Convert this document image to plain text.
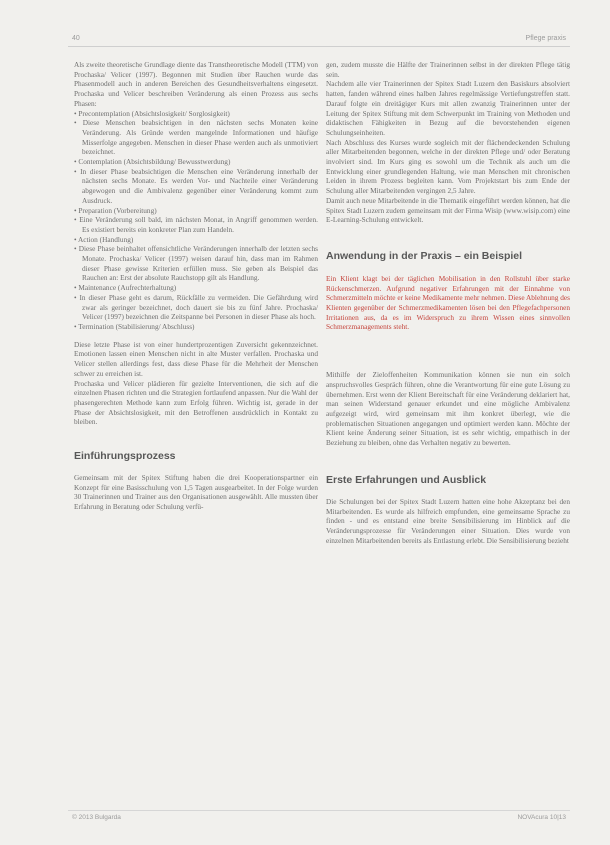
40	Pflege praxis

Als zweite theoretische Grundlage diente das Transtheoretische Modell (TTM) von Prochaska/ Velicer (1997). Begonnen mit Studien über Rauchen wurde das Phasenmodell auch in anderen Bereichen des Gesundheitsverhaltens eingesetzt. Prochaska und Velicer beschreiben Veränderung als einen Prozess aus sechs Phasen:

• Precontemplation (Absichtslosigkeit/ Sorglosigkeit)
• Diese Menschen beabsichtigen in den nächsten sechs Monaten keine Veränderung. Als Gründe werden mangelnde Informationen und häufige Misserfolge angegeben. Menschen in dieser Phase werden auch als unmotiviert bezeichnet.
• Contemplation (Absichtsbildung/ Bewusstwerdung)
• In dieser Phase beabsichtigen die Menschen eine Veränderung innerhalb der nächsten sechs Monate. Es werden Vor- und Nachteile einer Veränderung abgewogen und die Ambivalenz gegenüber einer Veränderung kommt zum Ausdruck.
• Preparation (Vorbereitung)
• Eine Veränderung soll bald, im nächsten Monat, in Angriff genommen werden. Es existiert bereits ein konkreter Plan zum Handeln.
• Action (Handlung)
• Diese Phase beinhaltet offensichtliche Veränderungen innerhalb der letzten sechs Monate. Prochaska/ Velicer (1997) weisen darauf hin, dass man im Rahmen dieser Phase gewisse Kriterien erfüllen muss. Sie geben als Beispiel das Rauchen an: Erst der absolute Rauchstopp gilt als Handlung.
• Maintenance (Aufrechterhaltung)
• In dieser Phase geht es darum, Rückfälle zu vermeiden. Die Gefährdung wird zwar als geringer bezeichnet, doch dauert sie bis zu fünf Jahre. Prochaska/ Velicer (1997) bezeichnen die Zeitspanne bei Personen in dieser Phase als hoch.
• Termination (Stabilisierung/ Abschluss)

Diese letzte Phase ist von einer hundertprozentigen Zuversicht gekennzeichnet. Emotionen lassen einen Menschen nicht in alte Muster verfallen. Prochaska und Velicer stellen allerdings fest, dass diese Phase für die Mehrheit der Menschen schwer zu erreichen ist.

Prochaska und Velicer plädieren für gezielte Interventionen, die sich auf die einzelnen Phasen richten und die Strategien fortlaufend anpassen. Nur die Wahl der phasengerechten Methode kann zum Erfolg führen. Wichtig ist, gerade in der Phase der Absichtslosigkeit, mit den Betroffenen ausdrücklich in Kontakt zu bleiben.

Einführungsprozess

Gemeinsam mit der Spitex Stiftung haben die drei Kooperationspartner ein Konzept für eine Basisschulung von 1,5 Tagen ausgearbeitet. In der Folge wurden 30 Trainerinnen und Trainer aus den Organisationen ausgewählt. Alle mussten über Erfahrung in Beratung oder Schulung verfü-

gen, zudem musste die Hälfte der Trainerinnen selbst in der direkten Pflege tätig sein.

Nachdem alle vier Trainerinnen der Spitex Stadt Luzern den Basiskurs absolviert hatten, fanden während eines halben Jahres regelmässige Vertiefungstreffen statt. Darauf folgte ein dreitägiger Kurs mit allen zwanzig Trainerinnen unter der Leitung der Spitex Stiftung mit dem Schwerpunkt im Training von Methoden und didaktischen Fähigkeiten in Bezug auf die bevorstehenden eigenen Schulungseinheiten.

Nach Abschluss des Kurses wurde sogleich mit der flächendeckenden Schulung aller Mitarbeitenden begonnen, welche in der direkten Pflege und/ oder Beratung involviert sind. Im Kurs ging es sowohl um die Technik als auch um die Entwicklung einer grundlegenden Haltung, wie man Menschen mit chronischen Leiden in ihrem Prozess begleiten kann. Vom Projektstart bis zum Ende der Schulung aller Mitarbeitenden vergingen 2,5 Jahre.

Damit auch neue Mitarbeitende in die Thematik eingeführt werden können, hat die Spitex Stadt Luzern zudem gemeinsam mit der Firma Wisip (www.wisip.com) eine E-Learning-Schulung entwickelt.

Anwendung in der Praxis – ein Beispiel

Ein Klient klagt bei der täglichen Mobilisation in den Rollstuhl über starke Rückenschmerzen. Aufgrund negativer Erfahrungen mit der Einnahme von Schmerzmitteln möchte er keine Medikamente mehr nehmen. Diese Ablehnung des Klienten gegenüber der Schmerzmedikamenten lösen bei den Pflegefachpersonen Irritationen aus, da es im Widerspruch zu ihrem Wissen eines sinnvollen Schmerzmanagements steht.

Mithilfe der Zieloffenheiten Kommunikation können sie nun ein solch anspruchsvolles Gespräch führen, ohne die Verantwortung für eine gute Lösung zu übernehmen. Erst wenn der Klient Bereitschaft für eine Veränderung deklariert hat, man seinen Widerstand genauer erkundet und eine mögliche Ambivalenz aufgezeigt wird, wird gemeinsam mit ihm konkret überlegt, wie die problematischen Situationen angegangen und optimiert werden kann. Möchte der Klient keine Änderung seiner Situation, ist es sehr wichtig, empathisch in der Beziehung zu bleiben, ohne das Verhalten negativ zu bewerten.

Erste Erfahrungen und Ausblick

Die Schulungen bei der Spitex Stadt Luzern hatten eine hohe Akzeptanz bei den Mitarbeitenden. Es wurde als hilfreich empfunden, eine gemeinsame Sprache zu finden - und es entstand eine breite Sensibilisierung im Hinblick auf die Veränderungsprozesse für Veränderungen einer Situation. Dies wurde von einzelnen Mitarbeitenden bereits als Entlastung erlebt. Die Sensibilisierung bezieht

© 2013 Bulgarda	NOVAcura 10|13
